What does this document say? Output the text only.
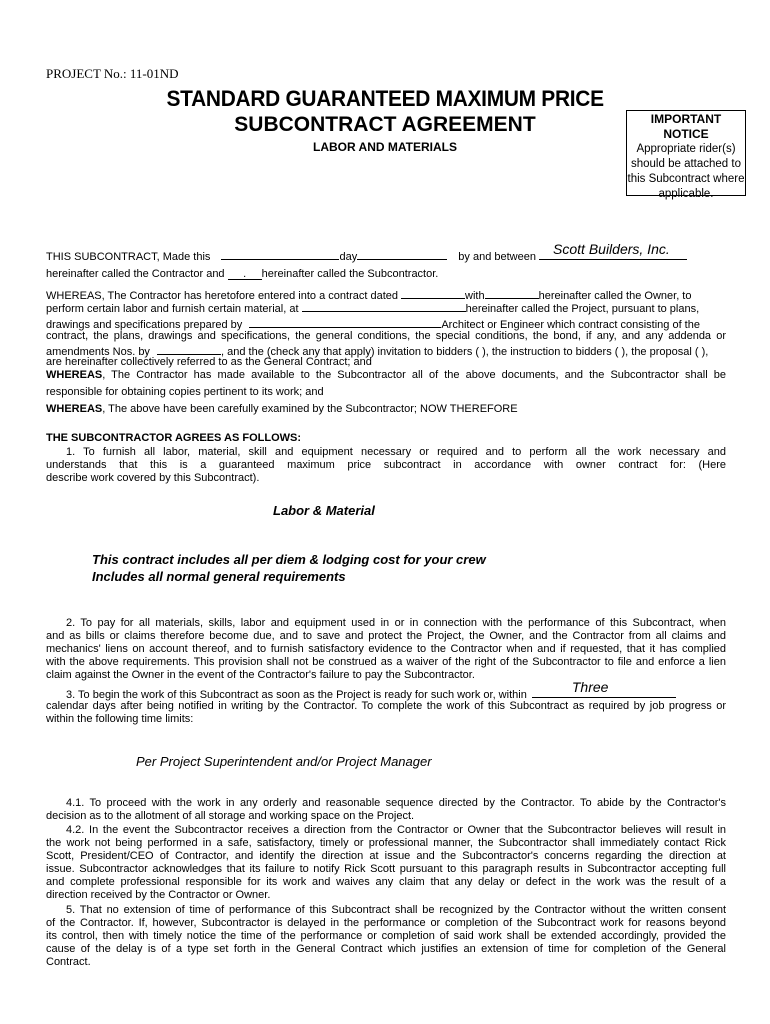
PROJECT No.: 11-01ND
STANDARD GUARANTEED MAXIMUM PRICE
SUBCONTRACT AGREEMENT
LABOR AND MATERIALS
IMPORTANT NOTICE
Appropriate rider(s)
should be attached to
this Subcontract where
applicable.
THIS SUBCONTRACT, Made this	day	by and between Scott Builders, Inc.
hereinafter called the Contractor and . hereinafter called the Subcontractor.
WHEREAS, The Contractor has heretofore entered into a contract dated	with	hereinafter called the Owner, to
perform certain labor and furnish certain material, at	hereinafter called the Project, pursuant to plans,
drawings and specifications prepared by	Architect or Engineer which contract consisting of the
contract, the plans, drawings and specifications, the general conditions, the special conditions, the bond, if any, and any addenda or
amendments Nos. by	, and the (check any that apply) invitation to bidders ( ), the instruction to bidders ( ), the proposal ( ),
are hereinafter collectively referred to as the General Contract; and
WHEREAS, The Contractor has made available to the Subcontractor all of the above documents, and the Subcontractor shall be
responsible for obtaining copies pertinent to its work; and
WHEREAS, The above have been carefully examined by the Subcontractor; NOW THEREFORE
THE SUBCONTRACTOR AGREES AS FOLLOWS:
1. To furnish all labor, material, skill and equipment necessary or required and to perform all the work necessary and
understands that this is a guaranteed maximum price subcontract in accordance with owner contract for: (Here
describe work covered by this Subcontract).
Labor & Material
This contract includes all per diem & lodging cost for your crew
Includes all normal general requirements
2. To pay for all materials, skills, labor and equipment used in or in connection with the performance of this Subcontract, when
and as bills or claims therefore become due, and to save and protect the Project, the Owner, and the Contractor from all claims and
mechanics' liens on account thereof, and to furnish satisfactory evidence to the Contractor when and if requested, that it has complied
with the above requirements. This provision shall not be construed as a waiver of the right of the Subcontractor to file and enforce a lien
claim against the Owner in the event of the Contractor's failure to pay the Subcontractor.
3. To begin the work of this Subcontract as soon as the Project is ready for such work or, within	Three
calendar days after being notified in writing by the Contractor. To complete the work of this Subcontract as required by job progress or
within the following time limits:
Per Project Superintendent and/or Project Manager
4.1. To proceed with the work in any orderly and reasonable sequence directed by the Contractor. To abide by the Contractor's
decision as to the allotment of all storage and working space on the Project.
4.2. In the event the Subcontractor receives a direction from the Contractor or Owner that the Subcontractor believes will result in
the work not being performed in a safe, satisfactory, timely or professional manner, the Subcontractor shall immediately contact Rick
Scott, President/CEO of Contractor, and identify the direction at issue and the Subcontractor's concerns regarding the direction at
issue. Subcontractor acknowledges that its failure to notify Rick Scott pursuant to this paragraph results in Subcontractor accepting full
and complete professional responsible for its work and waives any claim that any delay or defect in the work was the result of a
direction received by the Contractor or Owner.
5. That no extension of time of performance of this Subcontract shall be recognized by the Contractor without the written consent
of the Contractor. If, however, Subcontractor is delayed in the performance or completion of the Subcontract work for reasons beyond
its control, then with timely notice the time of the performance or completion of said work shall be extended accordingly, provided the
cause of the delay is of a type set forth in the General Contract which justifies an extension of time for completion of the General
Contract.
